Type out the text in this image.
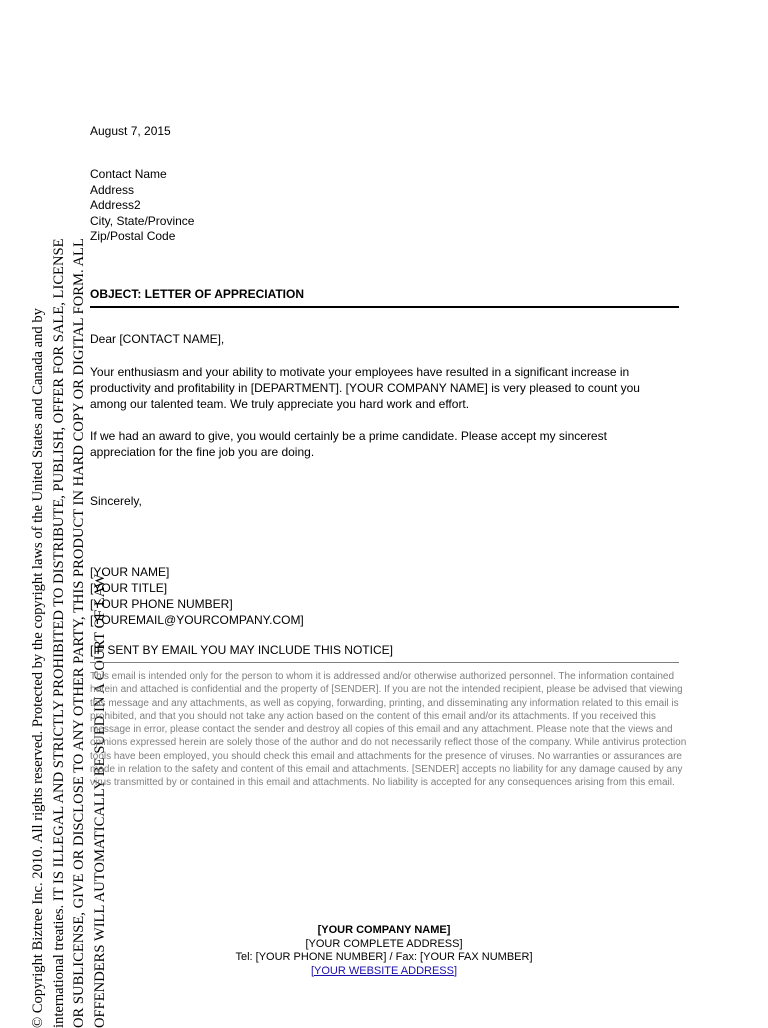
© Copyright Biztree Inc. 2010. All rights reserved. Protected by the copyright laws of the United States and Canada and by international treaties. IT IS ILLEGAL AND STRICTLY PROHIBITED TO DISTRIBUTE, PUBLISH, OFFER FOR SALE, LICENSE OR SUBLICENSE, GIVE OR DISCLOSE TO ANY OTHER PARTY, THIS PRODUCT IN HARD COPY OR DIGITAL FORM. ALL OFFENDERS WILL AUTOMATICALLY BE SUED IN A COURT OF LAW.
August 7, 2015
Contact Name
Address
Address2
City, State/Province
Zip/Postal Code
OBJECT: LETTER OF APPRECIATION
Dear [CONTACT NAME],
Your enthusiasm and your ability to motivate your employees have resulted in a significant increase in productivity and profitability in [DEPARTMENT]. [YOUR COMPANY NAME] is very pleased to count you among our talented team. We truly appreciate you hard work and effort.
If we had an award to give, you would certainly be a prime candidate. Please accept my sincerest appreciation for the fine job you are doing.
Sincerely,
[YOUR NAME]
[YOUR TITLE]
[YOUR PHONE NUMBER]
[YOUREMAIL@YOURCOMPANY.COM]
[IF SENT BY EMAIL YOU MAY INCLUDE THIS NOTICE]
This email is intended only for the person to whom it is addressed and/or otherwise authorized personnel. The information contained herein and attached is confidential and the property of [SENDER]. If you are not the intended recipient, please be advised that viewing this message and any attachments, as well as copying, forwarding, printing, and disseminating any information related to this email is prohibited, and that you should not take any action based on the content of this email and/or its attachments. If you received this message in error, please contact the sender and destroy all copies of this email and any attachment. Please note that the views and opinions expressed herein are solely those of the author and do not necessarily reflect those of the company. While antivirus protection tools have been employed, you should check this email and attachments for the presence of viruses. No warranties or assurances are made in relation to the safety and content of this email and attachments. [SENDER] accepts no liability for any damage caused by any virus transmitted by or contained in this email and attachments. No liability is accepted for any consequences arising from this email.
[YOUR COMPANY NAME]
[YOUR COMPLETE ADDRESS]
Tel: [YOUR PHONE NUMBER] / Fax: [YOUR FAX NUMBER]
[YOUR WEBSITE ADDRESS]
